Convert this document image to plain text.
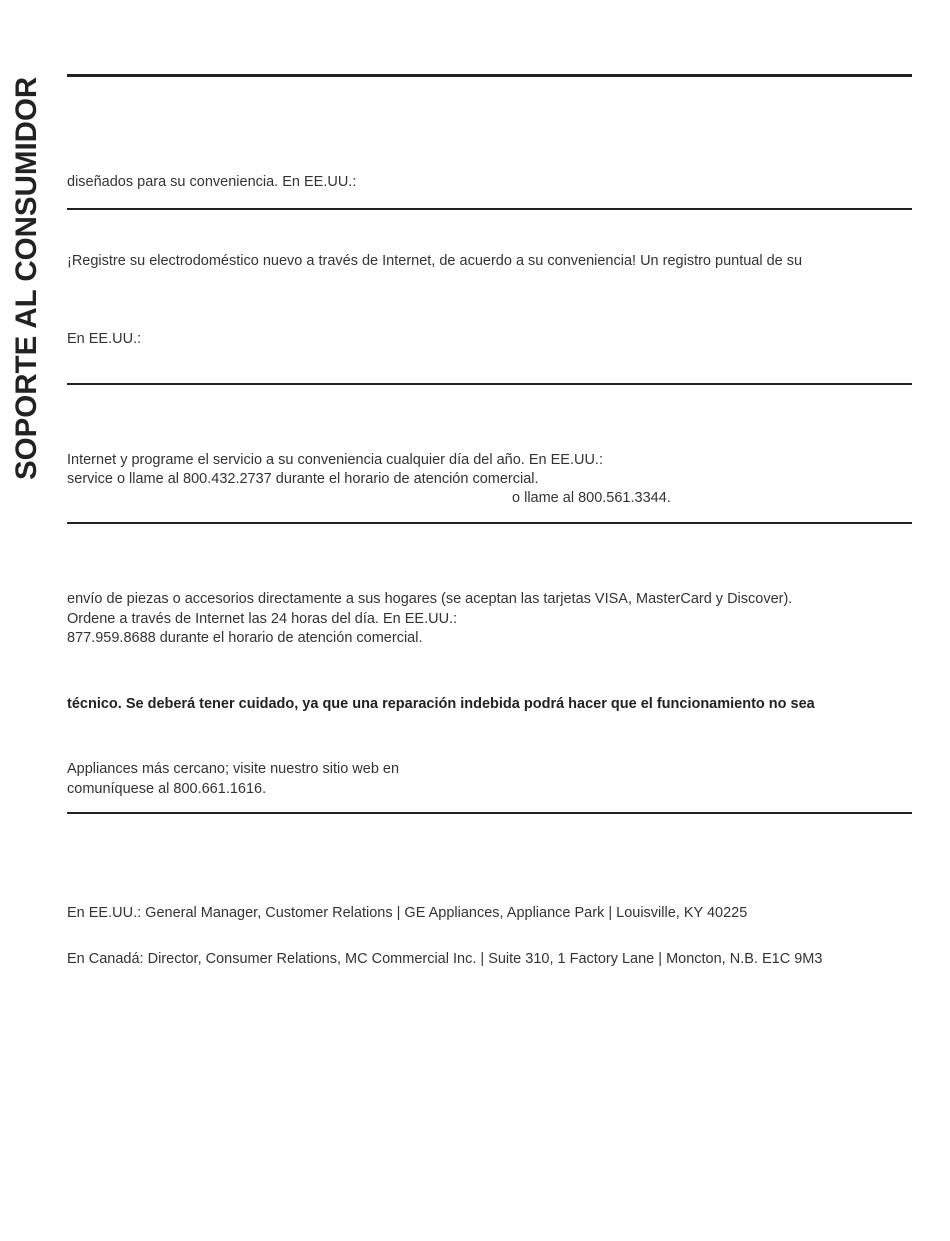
SOPORTE AL CONSUMIDOR diseñados para su conveniencia. En EE.UU.:
¡Registre su electrodoméstico nuevo a través de Internet, de acuerdo a su conveniencia! Un registro puntual de su
En EE.UU.:
Internet y programe el servicio a su conveniencia cualquier día del año. En EE.UU.:
service o llame al 800.432.2737 durante el horario de atención comercial.
o llame al 800.561.3344.
envío de piezas o accesorios directamente a sus hogares (se aceptan las tarjetas VISA, MasterCard y Discover).
Ordene a través de Internet las 24 horas del día. En EE.UU.:
877.959.8688 durante el horario de atención comercial.
técnico. Se deberá tener cuidado, ya que una reparación indebida podrá hacer que el funcionamiento no sea
Appliances más cercano; visite nuestro sitio web en
comuníquese al 800.661.1616.
En EE.UU.: General Manager, Customer Relations | GE Appliances, Appliance Park | Louisville, KY 40225
En Canadá: Director, Consumer Relations, MC Commercial Inc. | Suite 310, 1 Factory Lane | Moncton, N.B. E1C 9M3
